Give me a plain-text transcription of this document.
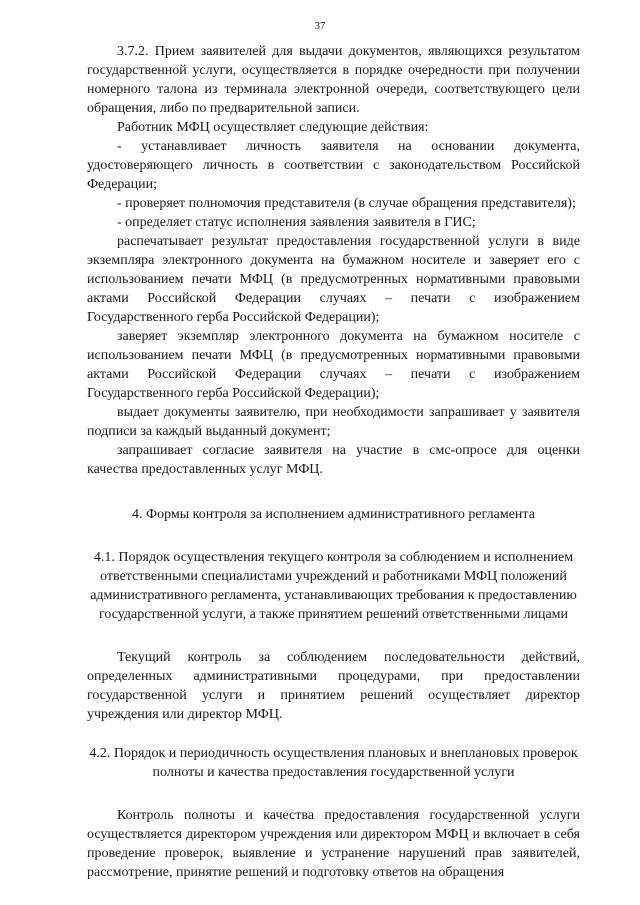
37

3.7.2. Прием заявителей для выдачи документов, являющихся результатом государственной услуги, осуществляется в порядке очередности при получении номерного талона из терминала электронной очереди, соответствующего цели обращения, либо по предварительной записи.

Работник МФЦ осуществляет следующие действия:

- устанавливает личность заявителя на основании документа, удостоверяющего личность в соответствии с законодательством Российской Федерации;

- проверяет полномочия представителя (в случае обращения представителя);

- определяет статус исполнения заявления заявителя в ГИС;

распечатывает результат предоставления государственной услуги в виде экземпляра электронного документа на бумажном носителе и заверяет его с использованием печати МФЦ (в предусмотренных нормативными правовыми актами Российской Федерации случаях – печати с изображением Государственного герба Российской Федерации);

заверяет экземпляр электронного документа на бумажном носителе с использованием печати МФЦ (в предусмотренных нормативными правовыми актами Российской Федерации случаях – печати с изображением Государственного герба Российской Федерации);

выдает документы заявителю, при необходимости запрашивает у заявителя подписи за каждый выданный документ;

запрашивает согласие заявителя на участие в смс-опросе для оценки качества предоставленных услуг МФЦ.

4. Формы контроля за исполнением административного регламента

4.1. Порядок осуществления текущего контроля за соблюдением и исполнением ответственными специалистами учреждений и работниками МФЦ положений административного регламента, устанавливающих требования к предоставлению государственной услуги, а также принятием решений ответственными лицами

Текущий контроль за соблюдением последовательности действий, определенных административными процедурами, при предоставлении государственной услуги и принятием решений осуществляет директор учреждения или директор МФЦ.

4.2. Порядок и периодичность осуществления плановых и внеплановых проверок полноты и качества предоставления государственной услуги

Контроль полноты и качества предоставления государственной услуги осуществляется директором учреждения или директором МФЦ и включает в себя проведение проверок, выявление и устранение нарушений прав заявителей, рассмотрение, принятие решений и подготовку ответов на обращения
